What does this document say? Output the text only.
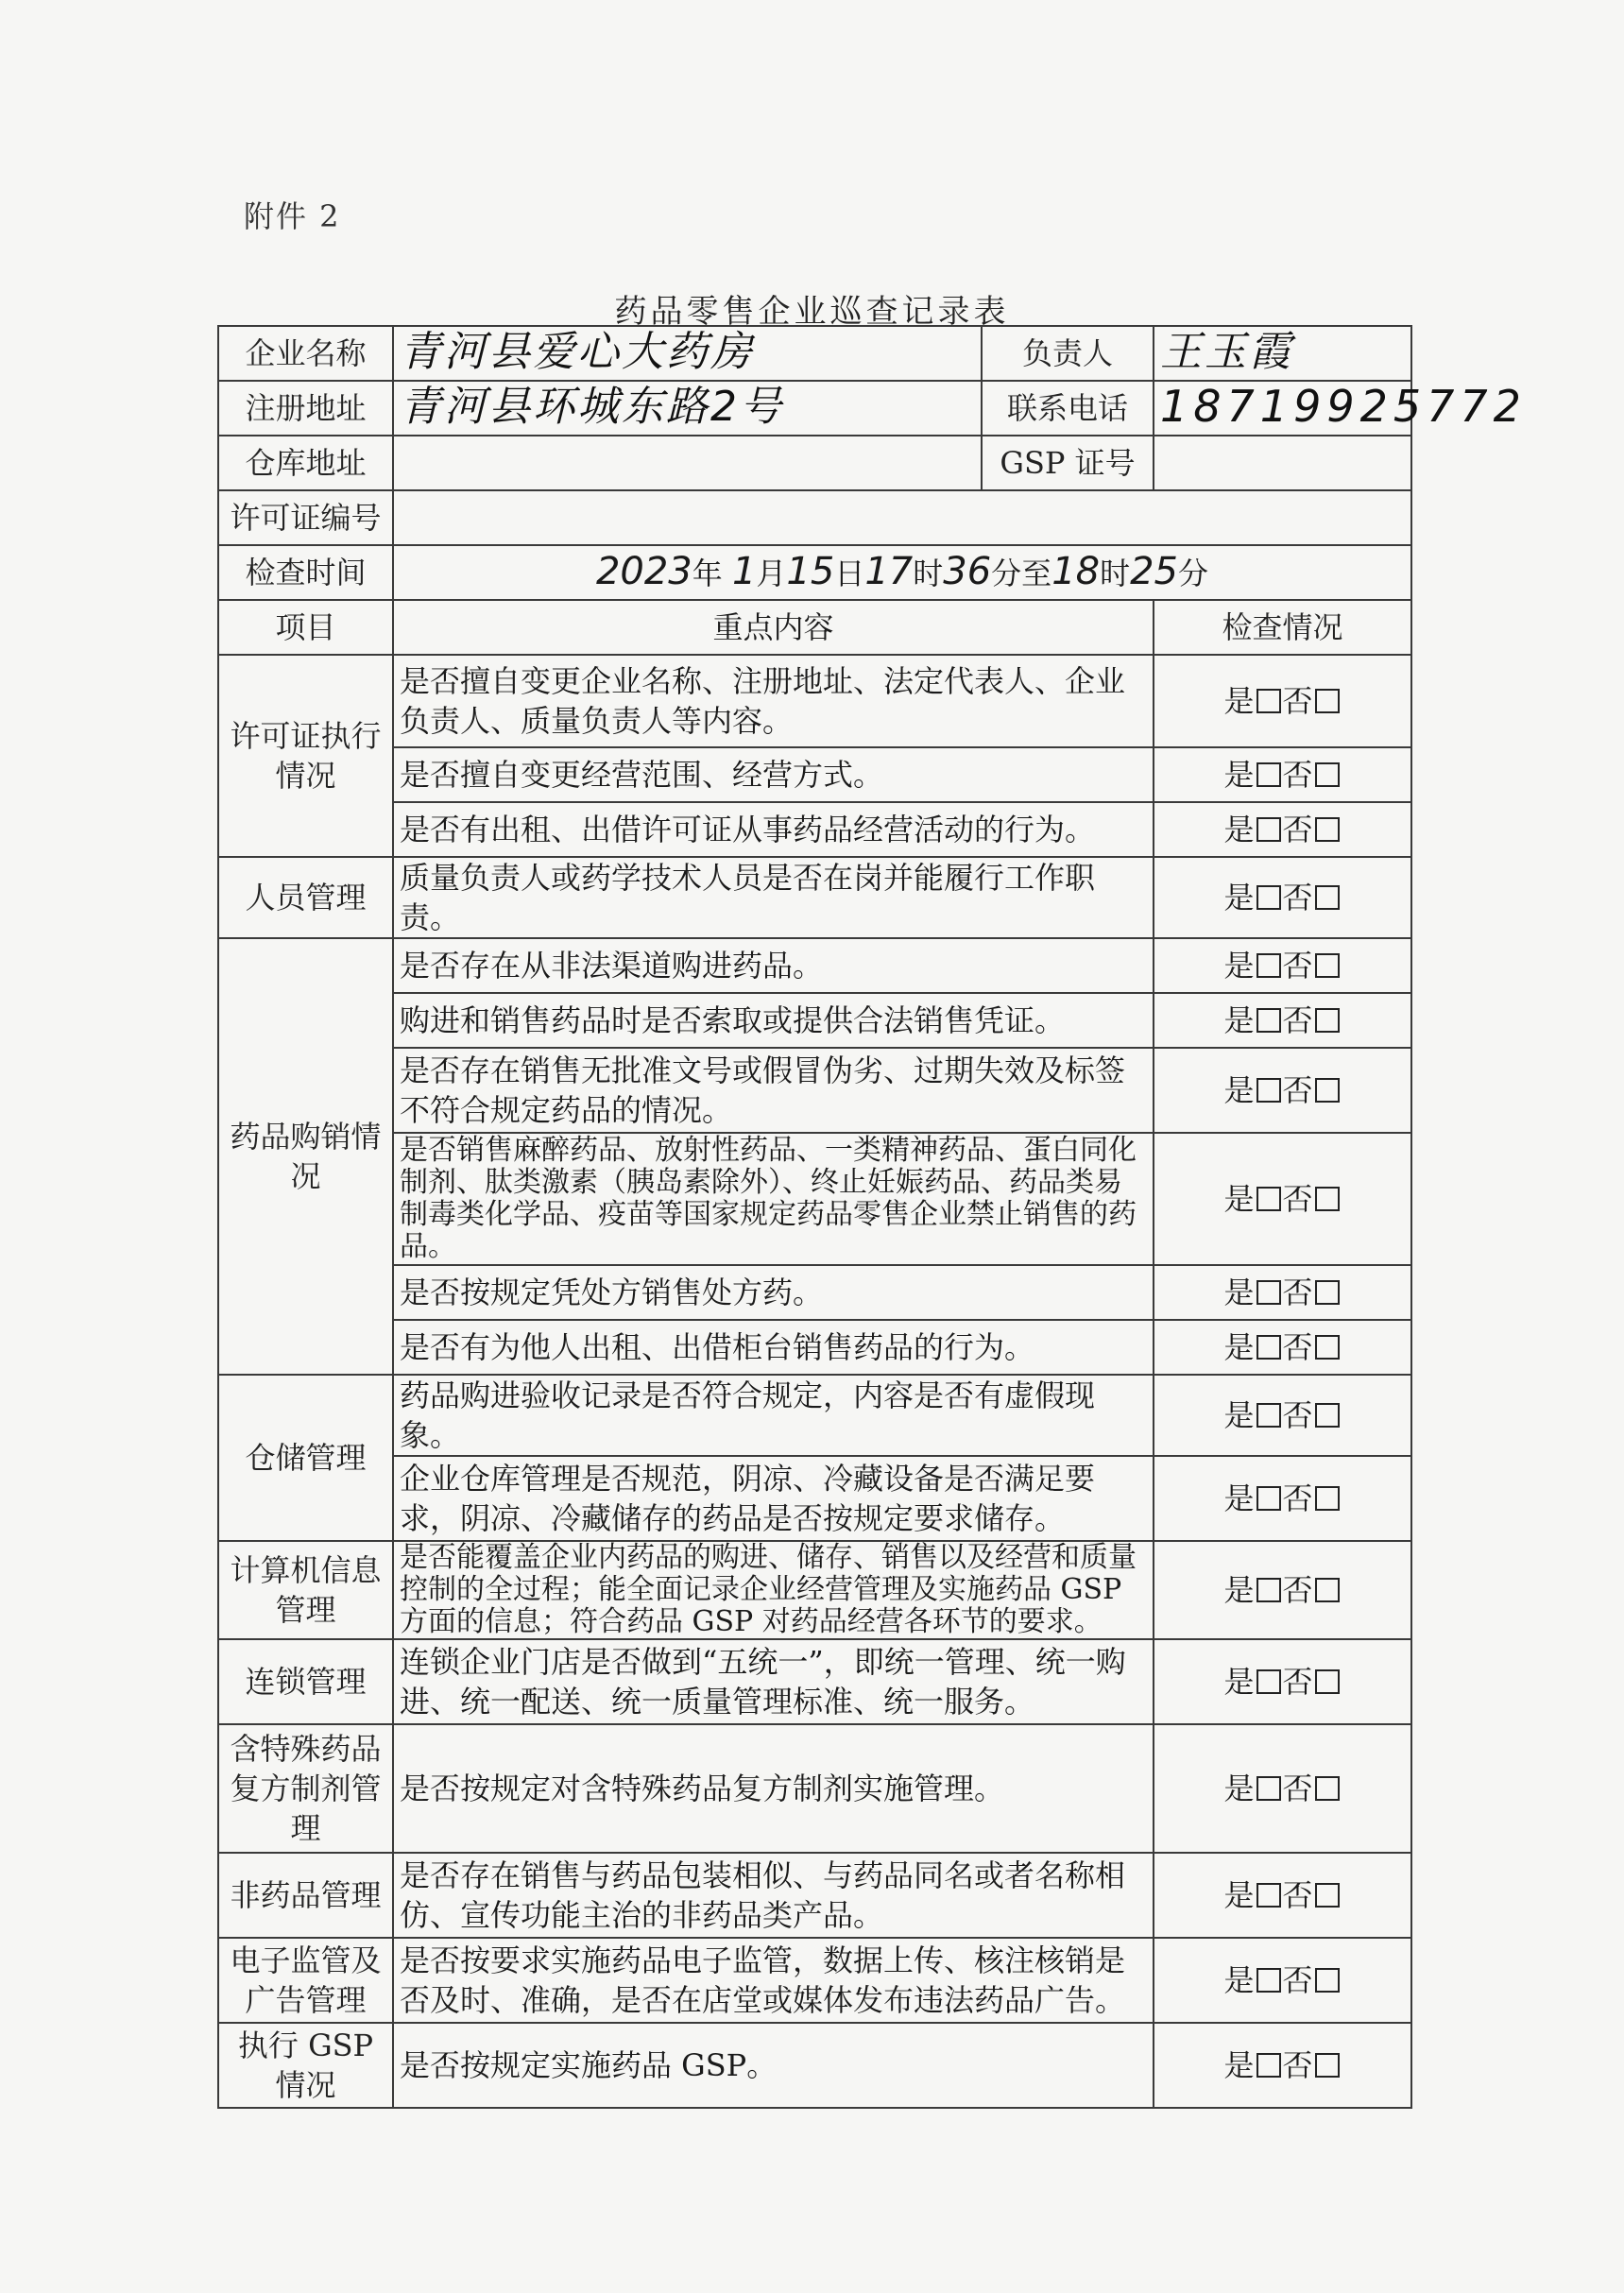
附件 2
药品零售企业巡查记录表
企业名称	青河县爱心大药房	负责人	王玉霞
注册地址	青河县环城东路2号	联系电话	18719925772
仓库地址		GSP 证号	
许可证编号			
检查时间	2023年 1月15日17时36分至18时25分		
项目	重点内容		检查情况
许可证执行情况	是否擅自变更企业名称、注册地址、法定代表人、企业负责人、质量负责人等内容。		是 否
	是否擅自变更经营范围、经营方式。		是 否
	是否有出租、出借许可证从事药品经营活动的行为。		是 否
人员管理	质量负责人或药学技术人员是否在岗并能履行工作职责。		是 否
药品购销情况	是否存在从非法渠道购进药品。		是 否
	购进和销售药品时是否索取或提供合法销售凭证。		是 否
	是否存在销售无批准文号或假冒伪劣、过期失效及标签不符合规定药品的情况。		是 否
	是否销售麻醉药品、放射性药品、一类精神药品、蛋白同化制剂、肽类激素（胰岛素除外）、终止妊娠药品、药品类易制毒类化学品、疫苗等国家规定药品零售企业禁止销售的药品。		是 否
	是否按规定凭处方销售处方药。		是 否
	是否有为他人出租、出借柜台销售药品的行为。		是 否
仓储管理	药品购进验收记录是否符合规定，内容是否有虚假现象。		是 否
	企业仓库管理是否规范，阴凉、冷藏设备是否满足要求，阴凉、冷藏储存的药品是否按规定要求储存。		是 否
计算机信息管理	是否能覆盖企业内药品的购进、储存、销售以及经营和质量控制的全过程；能全面记录企业经营管理及实施药品 GSP 方面的信息；符合药品 GSP 对药品经营各环节的要求。		是 否
连锁管理	连锁企业门店是否做到“五统一”，即统一管理、统一购进、统一配送、统一质量管理标准、统一服务。		是 否
含特殊药品复方制剂管理	是否按规定对含特殊药品复方制剂实施管理。		是 否
非药品管理	是否存在销售与药品包装相似、与药品同名或者名称相仿、宣传功能主治的非药品类产品。		是 否
电子监管及广告管理	是否按要求实施药品电子监管，数据上传、核注核销是否及时、准确，是否在店堂或媒体发布违法药品广告。		是 否
执行 GSP 情况	是否按规定实施药品 GSP。		是 否
